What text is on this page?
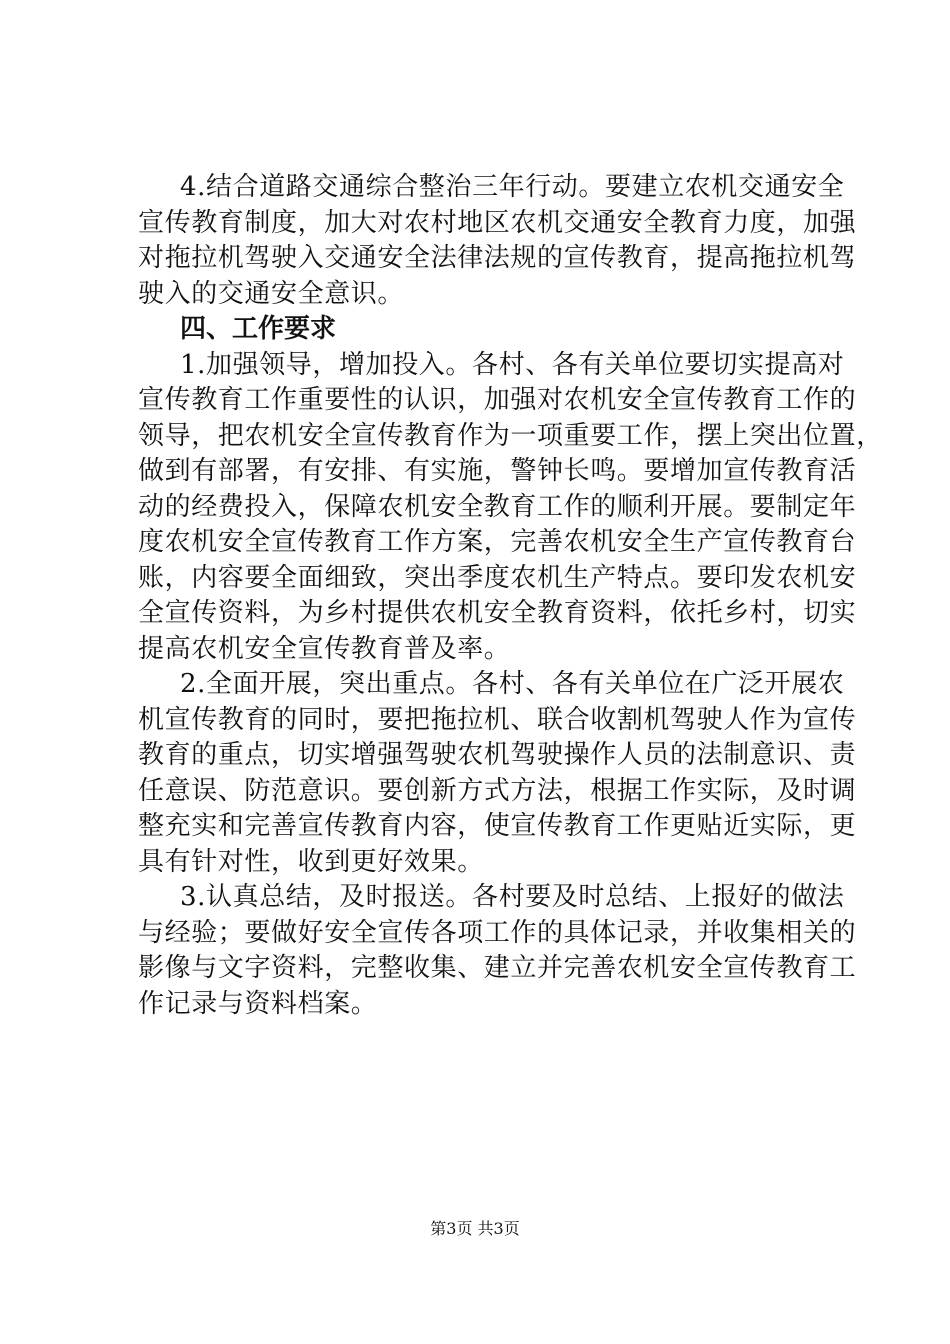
4.结合道路交通综合整治三年行动。要建立农机交通安全
宣传教育制度，加大对农村地区农机交通安全教育力度，加强
对拖拉机驾驶入交通安全法律法规的宣传教育，提高拖拉机驾
驶入的交通安全意识。
四、工作要求
1.加强领导，增加投入。各村、各有关单位要切实提高对
宣传教育工作重要性的认识，加强对农机安全宣传教育工作的
领导，把农机安全宣传教育作为一项重要工作，摆上突出位置，
做到有部署，有安排、有实施，警钟长鸣。要增加宣传教育活
动的经费投入，保障农机安全教育工作的顺利开展。要制定年
度农机安全宣传教育工作方案，完善农机安全生产宣传教育台
账，内容要全面细致，突出季度农机生产特点。要印发农机安
全宣传资料，为乡村提供农机安全教育资料，依托乡村，切实
提高农机安全宣传教育普及率。
2.全面开展，突出重点。各村、各有关单位在广泛开展农
机宣传教育的同时，要把拖拉机、联合收割机驾驶人作为宣传
教育的重点，切实增强驾驶农机驾驶操作人员的法制意识、责
任意误、防范意识。要创新方式方法，根据工作实际，及时调
整充实和完善宣传教育内容，使宣传教育工作更贴近实际，更
具有针对性，收到更好效果。
3.认真总结，及时报送。各村要及时总结、上报好的做法
与经验；要做好安全宣传各项工作的具体记录，并收集相关的
影像与文字资料，完整收集、建立并完善农机安全宣传教育工
作记录与资料档案。
第3页 共3页
